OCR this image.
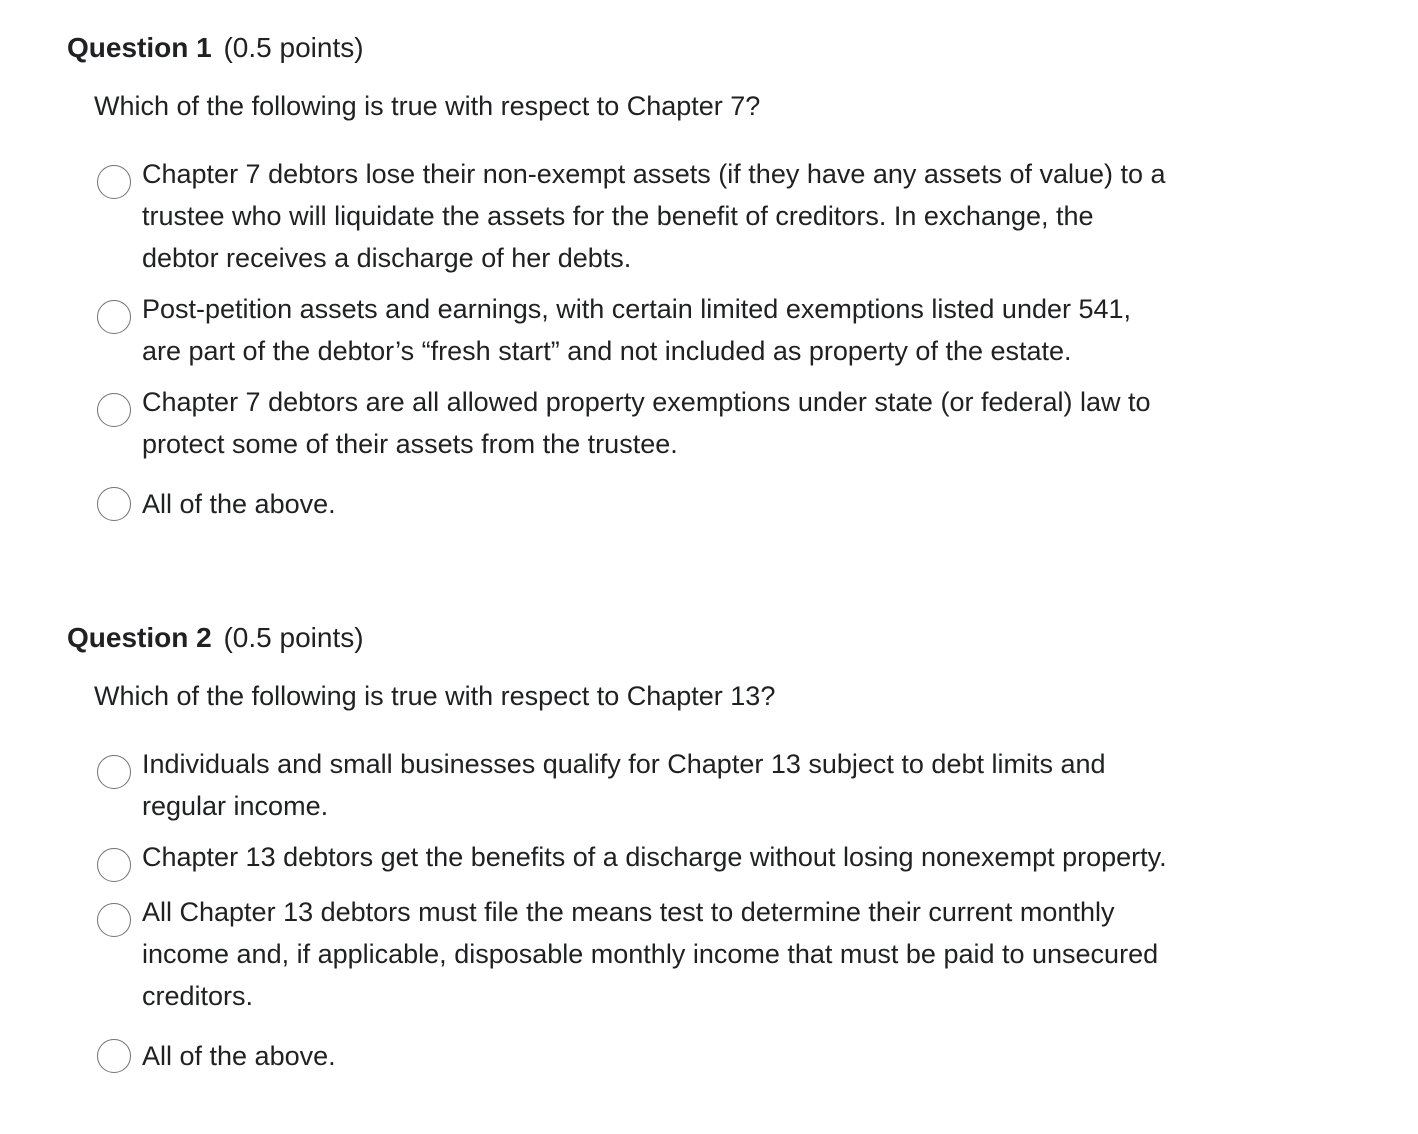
Question 1 (0.5 points)

Which of the following is true with respect to Chapter 7?

Chapter 7 debtors lose their non-exempt assets (if they have any assets of value) to a trustee who will liquidate the assets for the benefit of creditors. In exchange, the debtor receives a discharge of her debts.
Post-petition assets and earnings, with certain limited exemptions listed under 541, are part of the debtor’s “fresh start” and not included as property of the estate.
Chapter 7 debtors are all allowed property exemptions under state (or federal) law to protect some of their assets from the trustee.
All of the above.
Question 2 (0.5 points)

Which of the following is true with respect to Chapter 13?

Individuals and small businesses qualify for Chapter 13 subject to debt limits and regular income.
Chapter 13 debtors get the benefits of a discharge without losing nonexempt property.
All Chapter 13 debtors must file the means test to determine their current monthly income and, if applicable, disposable monthly income that must be paid to unsecured creditors.
All of the above.
